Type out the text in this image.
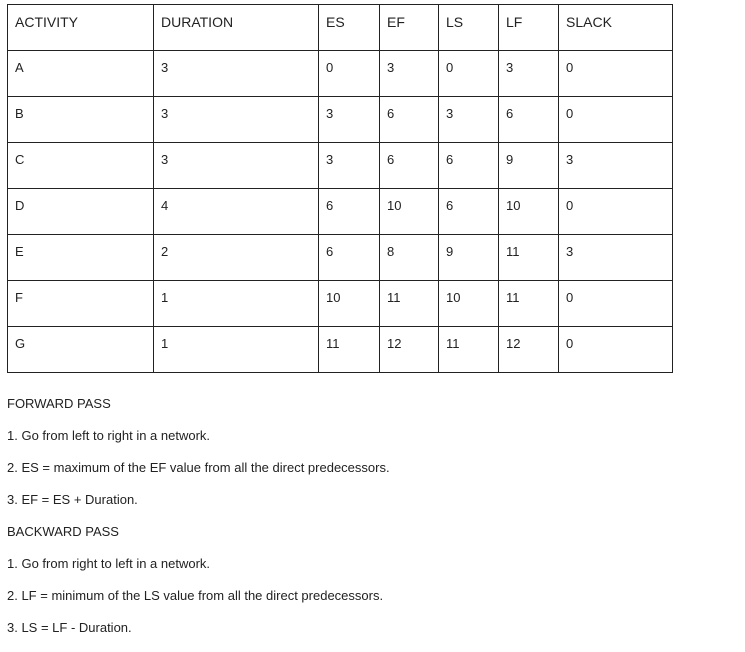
ACTIVITY	DURATION	ES	EF	LS	LF	SLACK
A	3	0	3	0	3	0
B	3	3	6	3	6	0
C	3	3	6	6	9	3
D	4	6	10	6	10	0
E	2	6	8	9	11	3
F	1	10	11	10	11	0
G	1	11	12	11	12	0

FORWARD PASS

1. Go from left to right in a network.

2. ES = maximum of the EF value from all the direct predecessors.

3. EF = ES + Duration.

BACKWARD PASS

1. Go from right to left in a network.

2. LF = minimum of the LS value from all the direct predecessors.

3. LS = LF - Duration.
